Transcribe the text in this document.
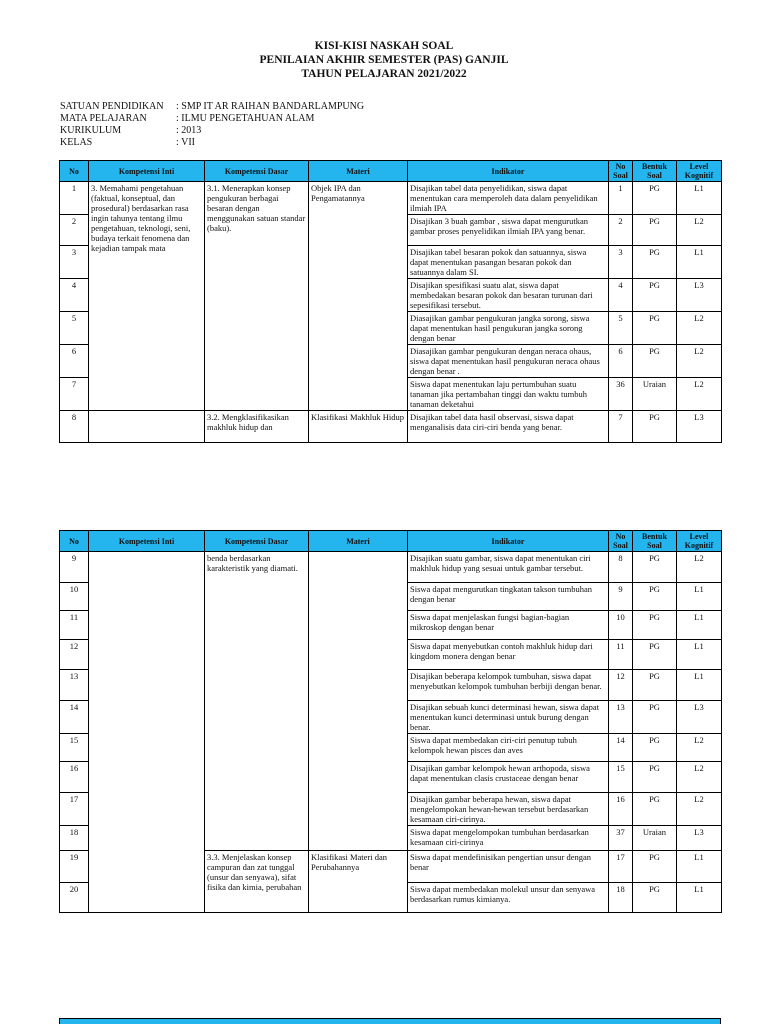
KISI-KISI NASKAH SOAL
PENILAIAN AKHIR SEMESTER (PAS) GANJIL
TAHUN PELAJARAN 2021/2022
SATUAN PENDIDIKAN	: SMP IT AR RAIHAN BANDARLAMPUNG
MATA PELAJARAN	: ILMU PENGETAHUAN ALAM
KURIKULUM	: 2013
KELAS	: VII
No	Kompetensi Inti	Kompetensi Dasar	Materi	Indikator	No Soal	Bentuk Soal	Level Kognitif
1	3. Memahami pengetahuan (faktual, konseptual, dan prosedural) berdasarkan rasa ingin tahunya tentang ilmu pengetahuan, teknologi, seni, budaya terkait fenomena dan kejadian tampak mata	3.1. Menerapkan konsep pengukuran berbagai besaran dengan menggunakan satuan standar (baku).	Objek IPA dan Pengamatannya	Disajikan tabel data penyelidikan, siswa dapat menentukan cara memperoleh data dalam penyelidikan ilmiah IPA	1	PG	L1
2				Disajikan 3 buah gambar , siswa dapat mengurutkan gambar proses penyelidikan ilmiah IPA yang benar.	2	PG	L2
3				Disajikan tabel besaran pokok dan satuannya, siswa dapat menentukan pasangan besaran pokok dan satuannya dalam SI.	3	PG	L1
4				Disajikan spesifikasi suatu alat, siswa dapat membedakan besaran pokok dan besaran turunan dari sepesifikasi tersebut.	4	PG	L3
5				Diasajikan gambar pengukuran jangka sorong, siswa dapat menentukan hasil pengukuran jangka sorong dengan benar	5	PG	L2
6				Diasajikan gambar pengukuran dengan neraca ohaus, siswa dapat menentukan hasil pengukuran neraca ohaus dengan benar .	6	PG	L2
7				Siswa dapat menentukan laju pertumbuhan suatu tanaman jika pertambahan tinggi dan waktu tumbuh tanaman deketahui	36	Uraian	L2
8		3.2. Mengklasifikasikan makhluk hidup dan	Klasifikasi Makhluk Hidup	Disajikan tabel data hasil observasi, siswa dapat menganalisis data ciri-ciri benda yang benar.	7	PG	L3
No	Kompetensi Inti	Kompetensi Dasar	Materi	Indikator	No Soal	Bentuk Soal	Level Kognitif
9		benda berdasarkan karakteristik yang diamati.		Disajikan suatu gambar, siswa dapat menentukan ciri makhluk hidup yang sesuai untuk gambar tersebut.	8	PG	L2
10				Siswa dapat mengurutkan tingkatan takson tumbuhan dengan benar	9	PG	L1
11				Siswa dapat menjelaskan fungsi bagian-bagian mikroskop dengan benar	10	PG	L1
12				Siswa dapat menyebutkan contoh makhluk hidup dari kingdom monera dengan benar	11	PG	L1
13				Disajikan beberapa kelompok tumbuhan, siswa dapat menyebutkan kelompok tumbuhan berbiji dengan benar.	12	PG	L1
14				Disajikan sebuah kunci determinasi hewan, siswa dapat menentukan kunci determinasi untuk burung dengan benar.	13	PG	L3
15				Siswa dapat membedakan ciri-ciri penutup tubuh kelompok hewan pisces dan aves	14	PG	L2
16				Disajikan gambar kelompok hewan arthopoda, siswa dapat menentukan clasis crustaceae dengan benar	15	PG	L2
17				Disajikan gambar beberapa hewan, siswa dapat mengelompokan hewan-hewan tersebut berdasarkan kesamaan ciri-cirinya.	16	PG	L2
18				Siswa dapat mengelompokan tumbuhan berdasarkan kesamaan ciri-cirinya	37	Uraian	L3
19		3.3. Menjelaskan konsep campuran dan zat tunggal (unsur dan senyawa), sifat fisika dan kimia, perubahan	Klasifikasi Materi dan Perubahannya	Siswa dapat mendefinisikan pengertian unsur dengan benar	17	PG	L1
20				Siswa dapat membedakan molekul unsur dan senyawa berdasarkan rumus kimianya.	18	PG	L1
